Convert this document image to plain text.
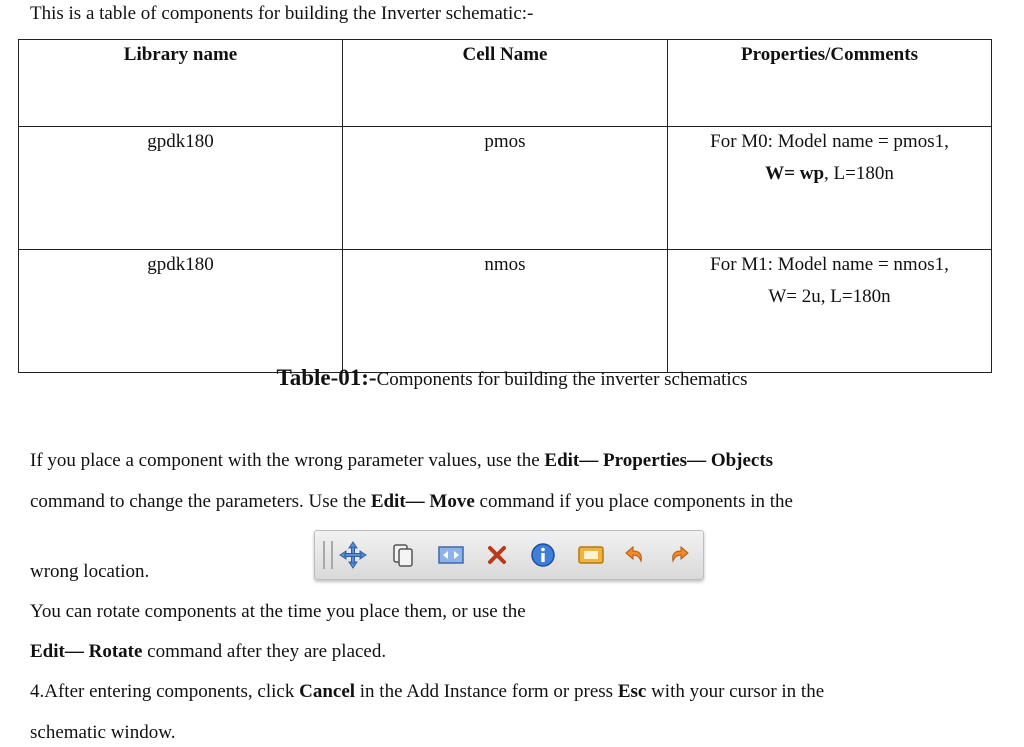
This is a table of components for building the Inverter schematic:-
Library name	Cell Name	Properties/Comments
gpdk180	pmos	For M0: Model name = pmos1,
W= wp, L=180n

gpdk180	nmos	For M1: Model name = nmos1,
W= 2u, L=180n
Table-01:-Components for building the inverter schematics
If you place a component with the wrong parameter values, use the Edit— Properties— Objects
command to change the parameters. Use the Edit— Move command if you place components in the
wrong location.
You can rotate components at the time you place them, or use the
Edit— Rotate command after they are placed.
4.After entering components, click Cancel in the Add Instance form or press Esc with your cursor in the
schematic window.
